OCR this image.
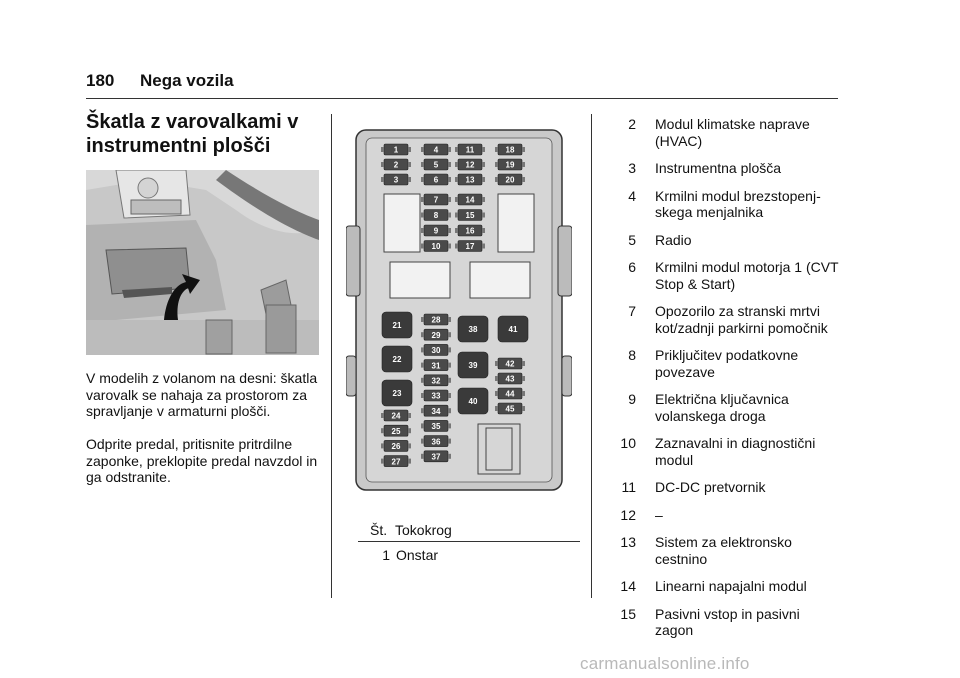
180 Nega vozila
Škatla z varovalkami v instrumentni plošči
V modelih z volanom na desni: škatla varovalk se nahaja za prostorom za spravljanje v armaturni plošči.
Odprite predal, pritisnite pritrdilne zaponke, preklopite predal navzdol in ga odstranite.
1
2
3
4
5
6
11
12
13
18
19
20
7
8
9
10
14
15
16
17
28
29
30
31
32
33
34
35
36
37
42
43
44
45
21
22
23
38
39
40
41
24
25
26
27
Št. Tokokrog
1 Onstar
2 Modul klimatske naprave (HVAC)
3 Instrumentna plošča
4 Krmilni modul brezstopenj- skega menjalnika
5 Radio
6 Krmilni modul motorja 1 (CVT Stop & Start)
7 Opozorilo za stranski mrtvi kot/zadnji parkirni pomočnik
8 Priključitev podatkovne povezave
9 Električna ključavnica volanskega droga
10 Zaznavalni in diagnostični modul
11 DC-DC pretvornik
12 –
13 Sistem za elektronsko cestnino
14 Linearni napajalni modul
15 Pasivni vstop in pasivni zagon
carmanualsonline.info
